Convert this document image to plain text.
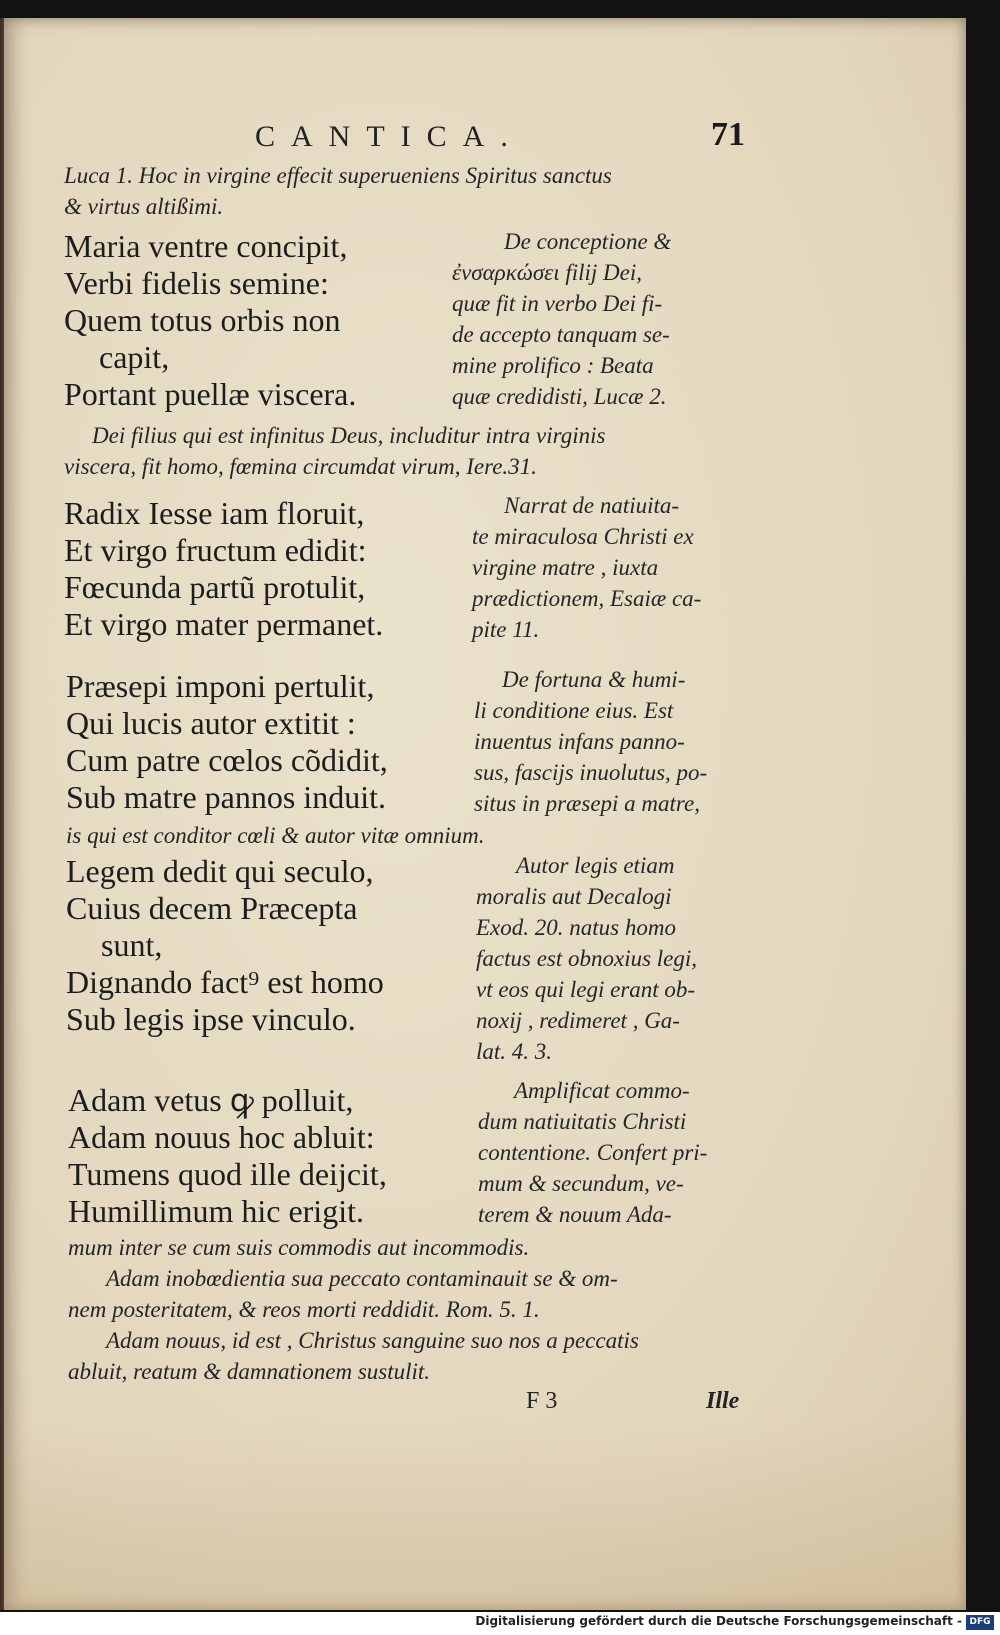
CANTICA.	71
Luca 1. Hoc in virgine effecit superueniens Spiritus sanctus
& virtus altißimi.
Maria ventre concipit,
Verbi fidelis semine:
Quem totus orbis non
capit,
Portant puellæ viscera.
De conceptione &
ἐνσαρκώσει filij Dei,
quæ fit in verbo Dei fi-
de accepto tanquam se-
mine prolifico : Beata
quæ credidisti, Lucæ 2.
Dei filius qui est infinitus Deus, includitur intra virginis
viscera, fit homo, fœmina circumdat virum, Iere.31.
Radix Iesse iam floruit,
Et virgo fructum edidit:
Fœcunda partũ protulit,
Et virgo mater permanet.
Narrat de natiuita-
te miraculosa Christi ex
virgine matre , iuxta
prædictionem, Esaiæ ca-
pite 11.
Præsepi imponi pertulit,
Qui lucis autor extitit :
Cum patre cœlos cõdidit,
Sub matre pannos induit.
De fortuna & humi-
li conditione eius. Est
inuentus infans panno-
sus, fascijs inuolutus, po-
situs in præsepi a matre,
is qui est conditor cœli & autor vitæ omnium.
Legem dedit qui seculo,
Cuius decem Præcepta
sunt,
Dignando fact⁹ est homo
Sub legis ipse vinculo.
Autor legis etiam
moralis aut Decalogi
Exod. 20. natus homo
factus est obnoxius legi,
vt eos qui legi erant ob-
noxij , redimeret , Ga-
lat. 4. 3.
Adam vetus ꝙ polluit,
Adam nouus hoc abluit:
Tumens quod ille deijcit,
Humillimum hic erigit.
Amplificat commo-
dum natiuitatis Christi
contentione. Confert pri-
mum & secundum, ve-
terem & nouum Ada-
mum inter se cum suis commodis aut incommodis.
Adam inobœdientia sua peccato contaminauit se & om-
nem posteritatem, & reos morti reddidit. Rom. 5. 1.
Adam nouus, id est , Christus sanguine suo nos a peccatis
abluit, reatum & damnationem sustulit.
F 3	Ille
Digitalisierung gefördert durch die Deutsche Forschungsgemeinschaft - DFG
